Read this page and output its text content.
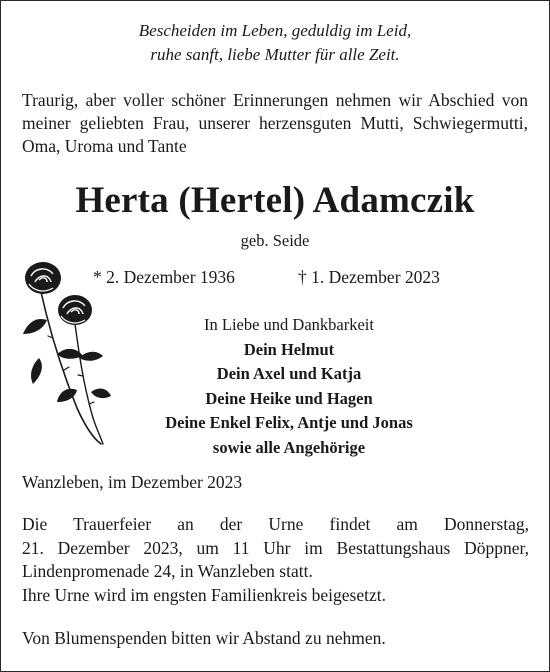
Bescheiden im Leben, geduldig im Leid,
ruhe sanft, liebe Mutter für alle Zeit.
Traurig, aber voller schöner Erinnerungen nehmen wir Abschied von meiner geliebten Frau, unserer herzensguten Mutti, Schwiegermutti, Oma, Uroma und Tante
Herta (Hertel) Adamczik
geb. Seide
* 2. Dezember 1936	† 1. Dezember 2023
In Liebe und Dankbarkeit
Dein Helmut
Dein Axel und Katja
Deine Heike und Hagen
Deine Enkel Felix, Antje und Jonas
sowie alle Angehörige
Wanzleben, im Dezember 2023
Die Trauerfeier an der Urne findet am Donnerstag,
21. Dezember 2023, um 11 Uhr im Bestattungshaus Döppner,
Lindenpromenade 24, in Wanzleben statt.
Ihre Urne wird im engsten Familienkreis beigesetzt.
Von Blumenspenden bitten wir Abstand zu nehmen.
